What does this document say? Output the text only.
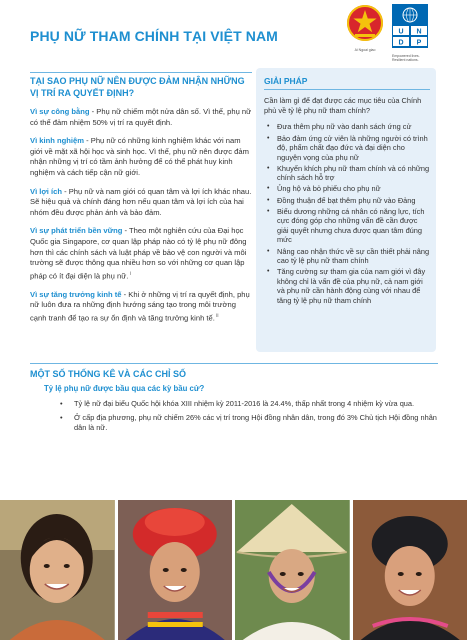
PHỤ NỮ THAM CHÍNH TẠI VIỆT NAM
Ai Ngoai giao
U N
D P
Empowered lives. Resilient nations.
TẠI SAO PHỤ NỮ NÊN ĐƯỢC ĐẢM NHẬN NHỮNG
VỊ TRÍ RA QUYẾT ĐỊNH?
Vì sự công bằng - Phụ nữ chiếm một nửa dân số. Vì thế, phụ nữ có thể đảm nhiệm 50% vị trí ra quyết định.
Vì kinh nghiệm - Phụ nữ có những kinh nghiệm khác với nam giới về mặt xã hội học và sinh học. Vì thế, phụ nữ nên được đảm nhận những vị trí có tầm ảnh hưởng để có thể phát huy kinh nghiệm và cách tiếp cận nữ giới.
Vì lợi ích - Phụ nữ và nam giới có quan tâm và lợi ích khác nhau. Sẽ hiệu quả và chính đáng hơn nếu quan tâm và lợi ích của hai nhóm đều được phản ánh và bảo đảm.
Vì sự phát triển bền vững - Theo một nghiên cứu của Đại học Quốc gia Singapore, cơ quan lập pháp nào có tỷ lệ phụ nữ đông hơn thì các chính sách và luật pháp về bảo vệ con người và môi trường sẽ được thông qua nhiều hơn so với những cơ quan lập pháp có ít đại diện là phụ nữ. $^i$
Vì sự tăng trưởng kinh tế - Khi ở những vị trí ra quyết định, phụ nữ luôn đưa ra những định hướng sáng tạo trong môi trường cạnh tranh để tạo ra sự ổn định và tăng trưởng kinh tế. $^{ii}$
GIẢI PHÁP
Cần làm gì để đạt được các mục tiêu của Chính phủ về tỷ lệ phụ nữ tham chính?
• Đưa thêm phụ nữ vào danh sách ứng cử
• Bảo đảm ứng cử viên là những người có trình độ, phẩm chất đạo đức và đại diện cho nguyện vọng của phụ nữ
• Khuyến khích phụ nữ tham chính và có những chính sách hỗ trợ
• Ủng hộ và bỏ phiếu cho phụ nữ
• Đồng thuận để bạt thêm phụ nữ vào Đảng
• Biểu dương những cá nhân có năng lực, tích cực đóng góp cho những vấn đề cần được giải quyết nhưng chưa được quan tâm đúng mức
• Nâng cao nhận thức về sự cần thiết phải nâng cao tỷ lệ phụ nữ tham chính
• Tăng cường sự tham gia của nam giới vì đây không chỉ là vấn đề của phụ nữ, cả nam giới và phụ nữ cần hành động cùng với nhau để tăng tỷ lệ phụ nữ tham chính
MỘT SỐ THỐNG KÊ VÀ CÁC CHỈ SỐ
Tỷ lệ phụ nữ được bầu qua các kỳ bầu cử?
• Tỷ lệ nữ đại biểu Quốc hội khóa XIII nhiệm kỳ 2011-2016 là 24.4%, thấp nhất trong 4 nhiệm kỳ vừa qua.
• Ở cấp địa phương, phụ nữ chiếm 26% các vị trí trong Hội đồng nhân dân, trong đó 3% Chủ tịch Hội đồng nhân dân là nữ.
